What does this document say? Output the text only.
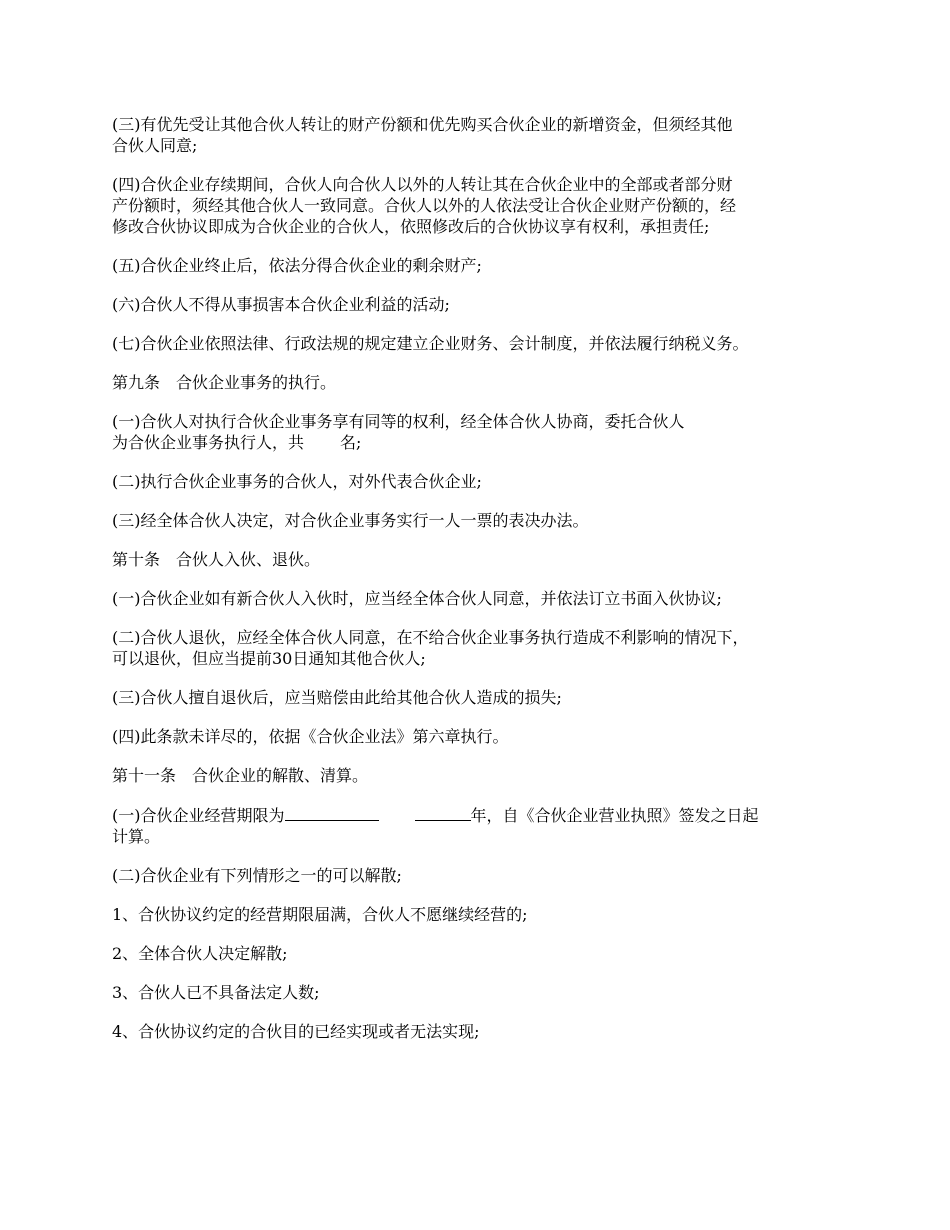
(三)有优先受让其他合伙人转让的财产份额和优先购买合伙企业的新增资金，但须经其他
合伙人同意;

(四)合伙企业存续期间，合伙人向合伙人以外的人转让其在合伙企业中的全部或者部分财
产份额时，须经其他合伙人一致同意。合伙人以外的人依法受让合伙企业财产份额的，经
修改合伙协议即成为合伙企业的合伙人，依照修改后的合伙协议享有权利，承担责任;

(五)合伙企业终止后，依法分得合伙企业的剩余财产;

(六)合伙人不得从事损害本合伙企业利益的活动;

(七)合伙企业依照法律、行政法规的规定建立企业财务、会计制度，并依法履行纳税义务。

第九条　合伙企业事务的执行。

(一)合伙人对执行合伙企业事务享有同等的权利，经全体合伙人协商，委托合伙人
为合伙企业事务执行人，共 名;

(二)执行合伙企业事务的合伙人，对外代表合伙企业;

(三)经全体合伙人决定，对合伙企业事务实行一人一票的表决办法。

第十条　合伙人入伙、退伙。

(一)合伙企业如有新合伙人入伙时，应当经全体合伙人同意，并依法订立书面入伙协议;

(二)合伙人退伙，应经全体合伙人同意，在不给合伙企业事务执行造成不利影响的情况下，
可以退伙，但应当提前30日通知其他合伙人;

(三)合伙人擅自退伙后，应当赔偿由此给其他合伙人造成的损失;

(四)此条款未详尽的，依据《合伙企业法》第六章执行。

第十一条　合伙企业的解散、清算。

(一)合伙企业经营期限为	年，自《合伙企业营业执照》签发之日起
计算。

(二)合伙企业有下列情形之一的可以解散;

1、合伙协议约定的经营期限届满，合伙人不愿继续经营的;

2、全体合伙人决定解散;

3、合伙人已不具备法定人数;

4、合伙协议约定的合伙目的已经实现或者无法实现;
